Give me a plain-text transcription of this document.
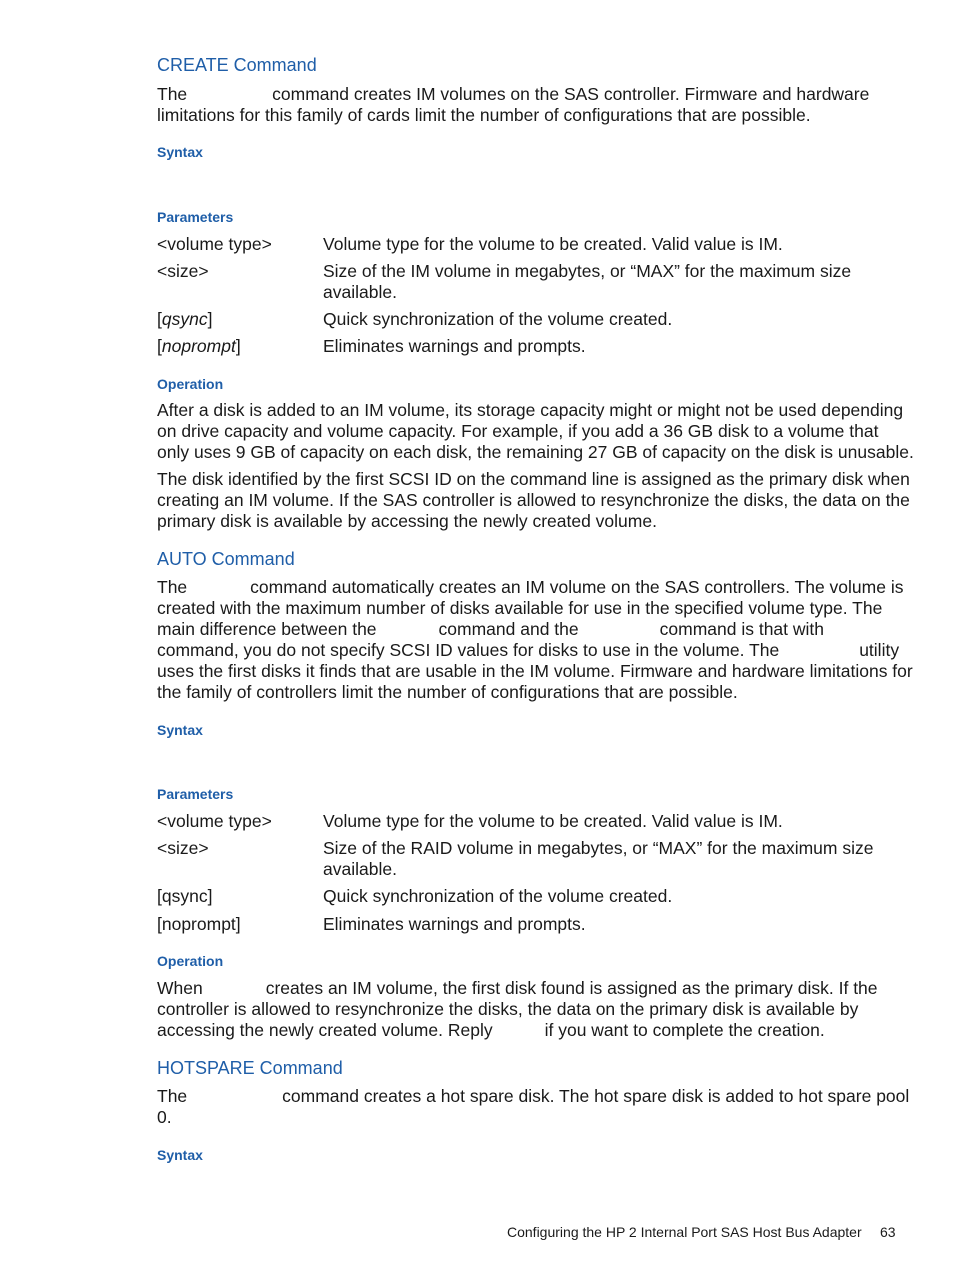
CREATE Command
The	command creates IM volumes on the SAS controller. Firmware and hardware
limitations for this family of cards limit the number of configurations that are possible.
Syntax
Parameters
<volume type>	Volume type for the volume to be created. Valid value is IM.
<size>	Size of the IM volume in megabytes, or “MAX” for the maximum size available.
[qsync]	Quick synchronization of the volume created.
[noprompt]	Eliminates warnings and prompts.
Operation
After a disk is added to an IM volume, its storage capacity might or might not be used depending
on drive capacity and volume capacity. For example, if you add a 36 GB disk to a volume that
only uses 9 GB of capacity on each disk, the remaining 27 GB of capacity on the disk is unusable.
The disk identified by the first SCSI ID on the command line is assigned as the primary disk when
creating an IM volume. If the SAS controller is allowed to resynchronize the disks, the data on the
primary disk is available by accessing the newly created volume.
AUTO Command
The	command automatically creates an IM volume on the SAS controllers. The volume is
created with the maximum number of disks available for use in the specified volume type. The
main difference between the	command and the	command is that with
command, you do not specify SCSI ID values for disks to use in the volume. The	utility
uses the first disks it finds that are usable in the IM volume. Firmware and hardware limitations for
the family of controllers limit the number of configurations that are possible.
Syntax
Parameters
<volume type>	Volume type for the volume to be created. Valid value is IM.
<size>	Size of the RAID volume in megabytes, or “MAX” for the maximum size available.
[qsync]	Quick synchronization of the volume created.
[noprompt]	Eliminates warnings and prompts.
Operation
When	creates an IM volume, the first disk found is assigned as the primary disk. If the
controller is allowed to resynchronize the disks, the data on the primary disk is available by
accessing the newly created volume. Reply	if you want to complete the creation.
HOTSPARE Command
The	command creates a hot spare disk. The hot spare disk is added to hot spare pool
0.
Syntax
Configuring the HP 2 Internal Port SAS Host Bus Adapter 63
